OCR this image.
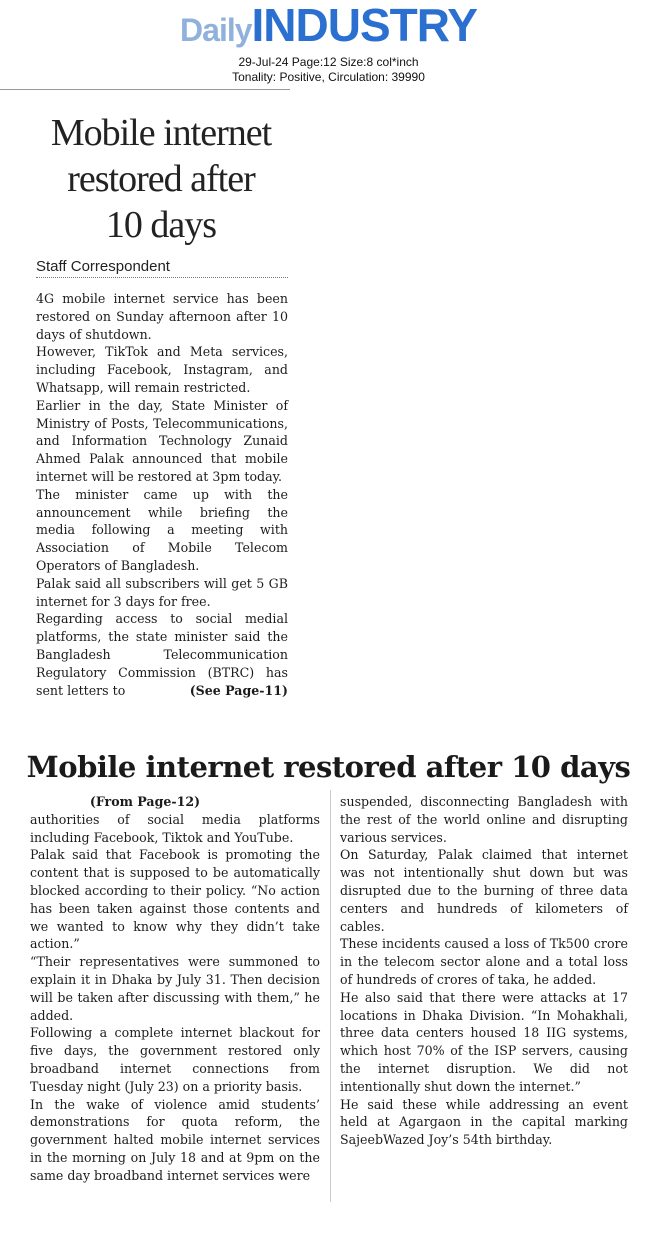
DailyINDUSTRY
29-Jul-24 Page:12 Size:8 col*inch
Tonality: Positive, Circulation: 39990
Mobile internet
restored after
10 days
Staff Correspondent

4G mobile internet service has been restored on Sunday afternoon after 10 days of shutdown.

However, TikTok and Meta services, including Facebook, Instagram, and Whatsapp, will remain restricted.

Earlier in the day, State Minister of Ministry of Posts, Telecommunications, and Information Technology Zunaid Ahmed Palak announced that mobile internet will be restored at 3pm today.

The minister came up with the announcement while briefing the media following a meeting with Association of Mobile Telecom Operators of Bangladesh.

Palak said all subscribers will get 5 GB internet for 3 days for free.

Regarding access to social medial platforms, the state minister said the Bangladesh Telecommunication Regulatory Commission (BTRC) has sent letters to	(See Page-11)

Mobile internet restored after 10 days
(From Page-12)

authorities of social media platforms including Facebook, Tiktok and YouTube.

Palak said that Facebook is promoting the content that is supposed to be automatically blocked according to their policy. “No action has been taken against those contents and we wanted to know why they didn’t take action.”

“Their representatives were summoned to explain it in Dhaka by July 31. Then decision will be taken after discussing with them,” he added.

Following a complete internet blackout for five days, the government restored only broadband internet connections from Tuesday night (July 23) on a priority basis.

In the wake of violence amid students’ demonstrations for quota reform, the government halted mobile internet services in the morning on July 18 and at 9pm on the same day broadband internet services were

suspended, disconnecting Bangladesh with the rest of the world online and disrupting various services.

On Saturday, Palak claimed that internet was not intentionally shut down but was disrupted due to the burning of three data centers and hundreds of kilometers of cables.

These incidents caused a loss of Tk500 crore in the telecom sector alone and a total loss of hundreds of crores of taka, he added.

He also said that there were attacks at 17 locations in Dhaka Division. “In Mohakhali, three data centers housed 18 IIG systems, which host 70% of the ISP servers, causing the internet disruption. We did not intentionally shut down the internet.”

He said these while addressing an event held at Agargaon in the capital marking SajeebWazed Joy’s 54th birthday.
